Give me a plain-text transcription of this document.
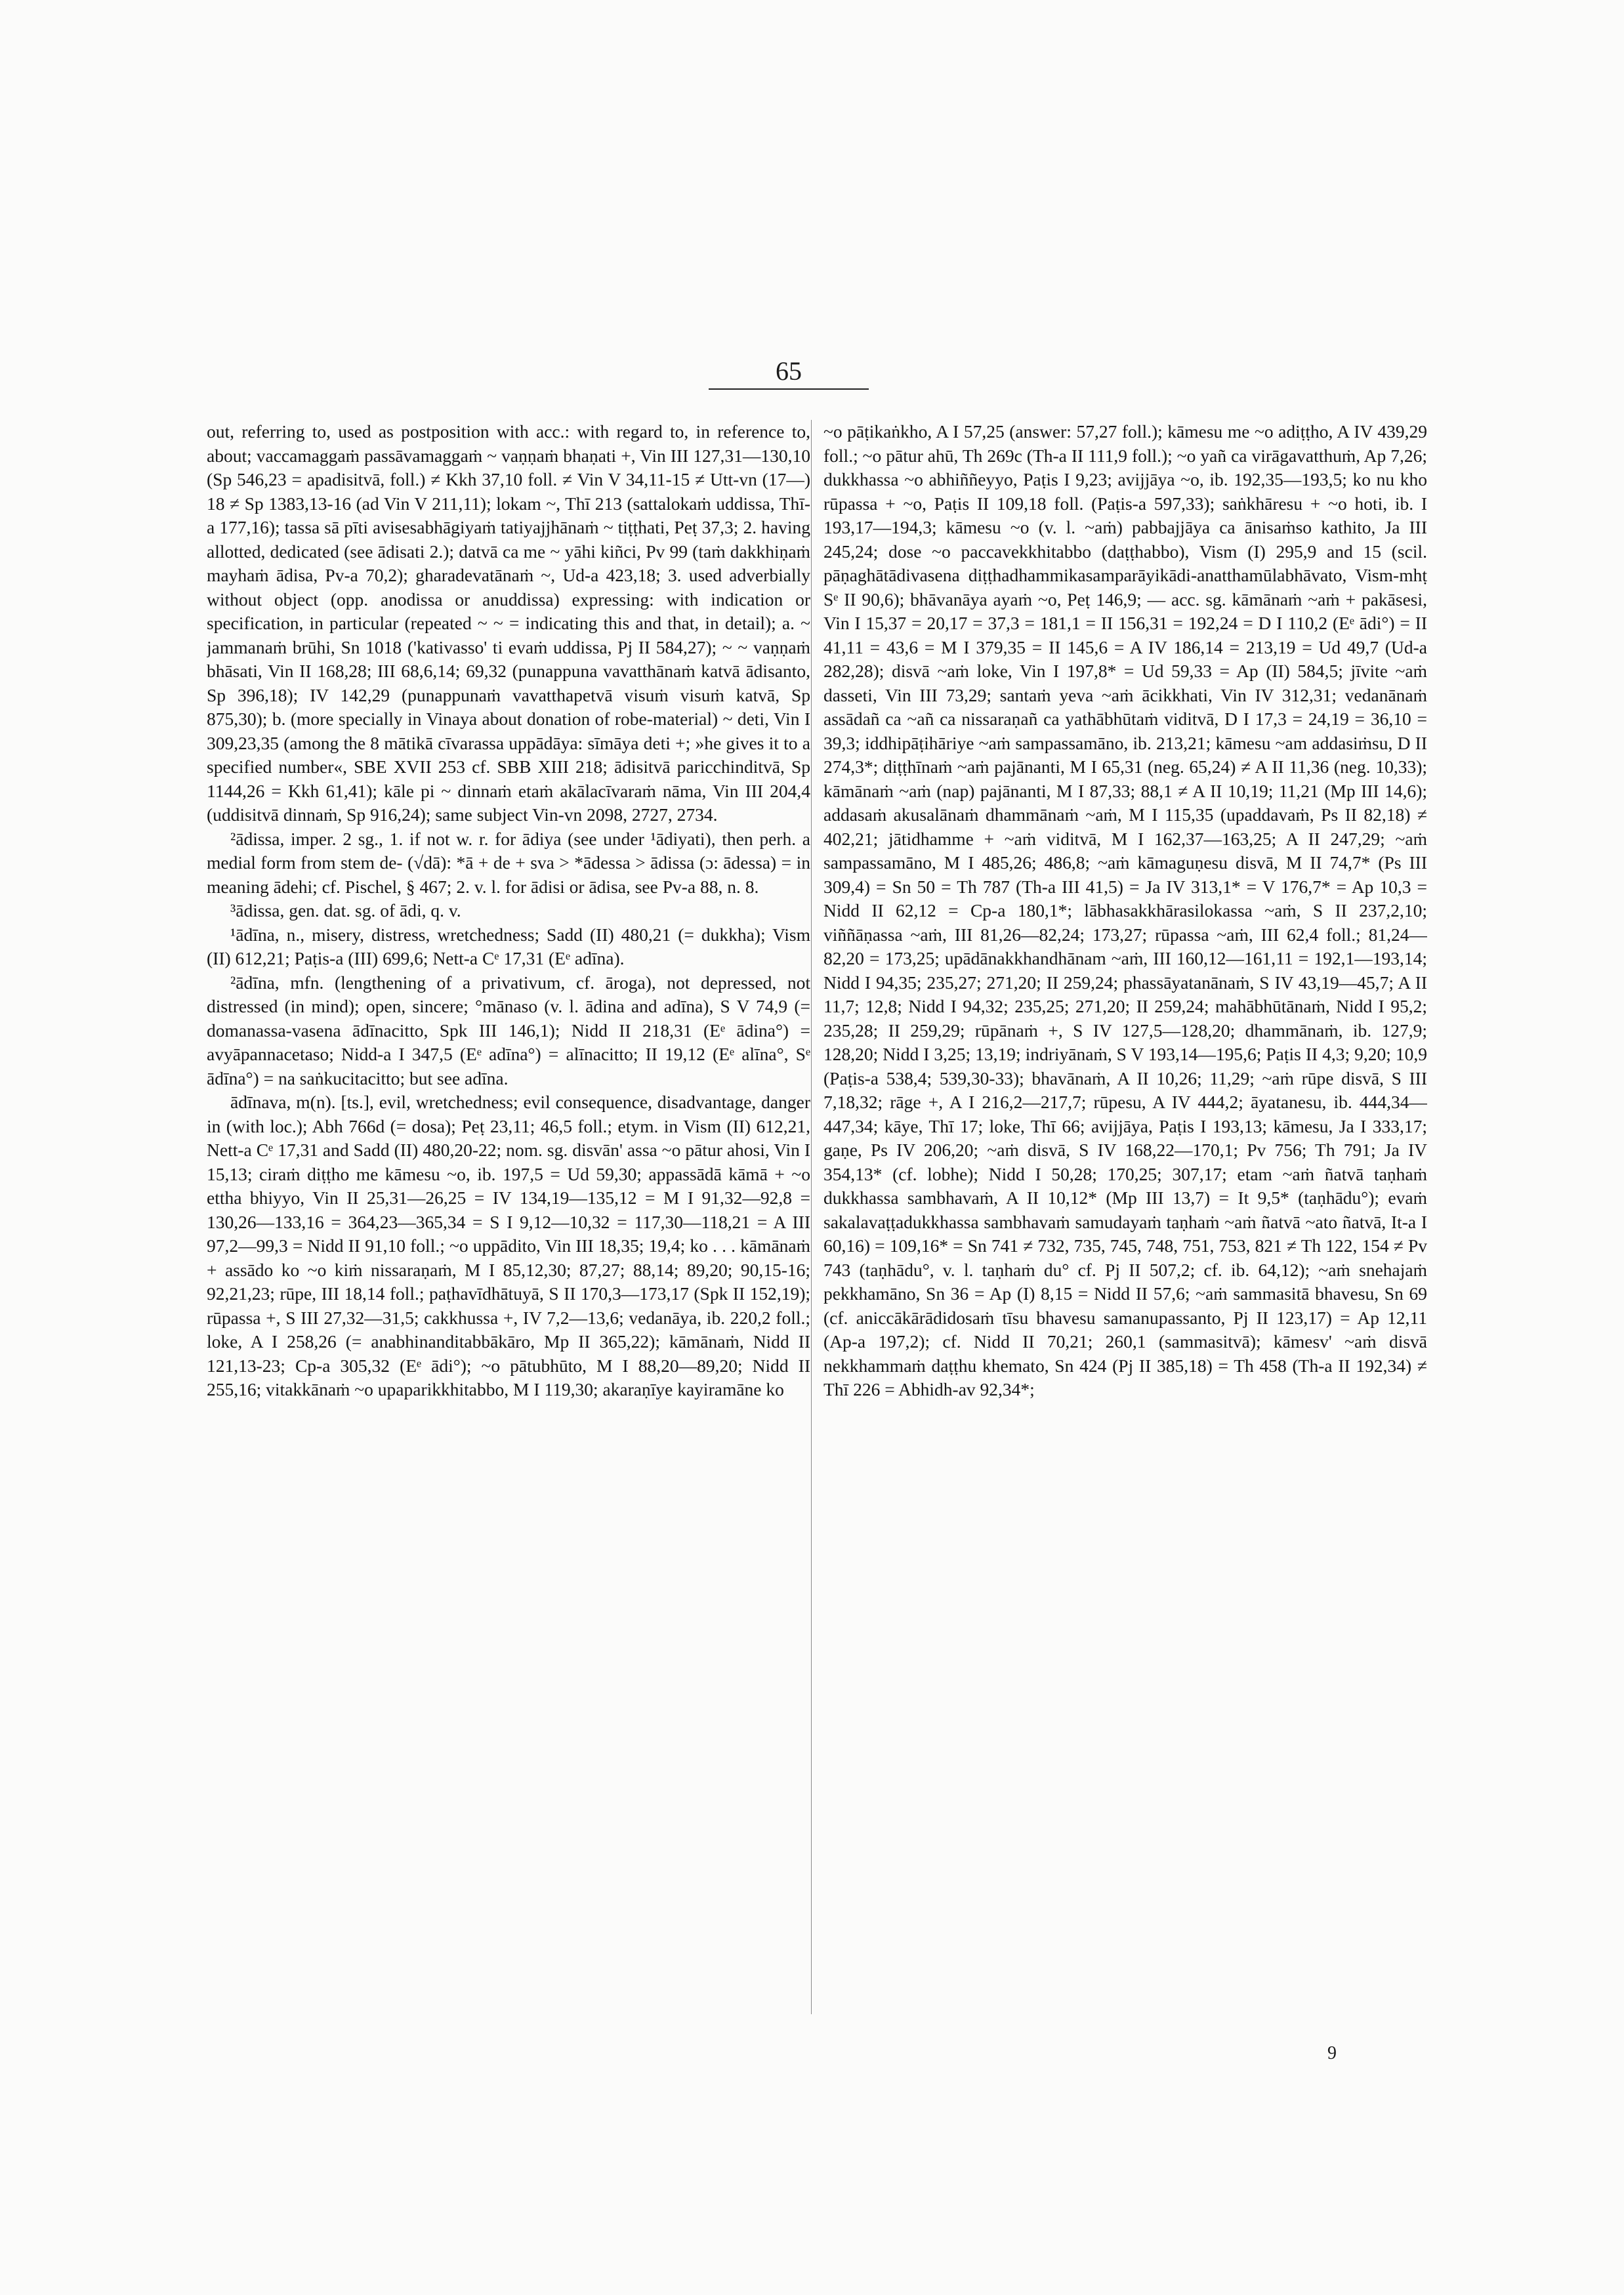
65

out, referring to, used as postposition with acc.: with regard to, in reference to, about; vaccamaggaṁ passāvamaggaṁ ~ vaṇṇaṁ bhaṇati +, Vin III 127,31—130,10 (Sp 546,23 = apadisitvā, foll.) ≠ Kkh 37,10 foll. ≠ Vin V 34,11-15 ≠ Utt-vn (17—) 18 ≠ Sp 1383,13-16 (ad Vin V 211,11); lokam ~, Thī 213 (sattalokaṁ uddissa, Thī-a 177,16); tassa sā pīti avisesabhāgiyaṁ tatiyajjhānaṁ ~ tiṭṭhati, Peṭ 37,3; 2. having allotted, dedicated (see ādisati 2.); datvā ca me ~ yāhi kiñci, Pv 99 (taṁ dakkhiṇaṁ mayhaṁ ādisa, Pv-a 70,2); gharadevatānaṁ ~, Ud-a 423,18; 3. used adverbially without object (opp. anodissa or anuddissa) expressing: with indication or specification, in particular (repeated ~ ~ = indicating this and that, in detail); a. ~ jammanaṁ brūhi, Sn 1018 ('kativasso' ti evaṁ uddissa, Pj II 584,27); ~ ~ vaṇṇaṁ bhāsati, Vin II 168,28; III 68,6,14; 69,32 (punappuna vavatthānaṁ katvā ādisanto, Sp 396,18); IV 142,29 (punappunaṁ vavatthapetvā visuṁ visuṁ katvā, Sp 875,30); b. (more specially in Vinaya about donation of robe-material) ~ deti, Vin I 309,23,35 (among the 8 mātikā cīvarassa uppādāya: sīmāya deti +; »he gives it to a specified number«, SBE XVII 253 cf. SBB XIII 218; ādisitvā paricchinditvā, Sp 1144,26 = Kkh 61,41); kāle pi ~ dinnaṁ etaṁ akālacīvaraṁ nāma, Vin III 204,4 (uddisitvā dinnaṁ, Sp 916,24); same subject Vin-vn 2098, 2727, 2734.

²ādissa, imper. 2 sg., 1. if not w. r. for ādiya (see under ¹ādiyati), then perh. a medial form from stem de- (√dā): *ā + de + sva > *ādessa > ādissa (ɔ: ādessa) = in meaning ādehi; cf. Pischel, § 467; 2. v. l. for ādisi or ādisa, see Pv-a 88, n. 8.

³ādissa, gen. dat. sg. of ādi, q. v.

¹ādīna, n., misery, distress, wretchedness; Sadd (II) 480,21 (= dukkha); Vism (II) 612,21; Paṭis-a (III) 699,6; Nett-a Cᵉ 17,31 (Eᵉ adīna).

²ādīna, mfn. (lengthening of a privativum, cf. āroga), not depressed, not distressed (in mind); open, sincere; °mānaso (v. l. ādina and adīna), S V 74,9 (= domanassa-vasena ādīnacitto, Spk III 146,1); Nidd II 218,31 (Eᵉ ādina°) = avyāpannacetaso; Nidd-a I 347,5 (Eᵉ adīna°) = alīnacitto; II 19,12 (Eᵉ alīna°, Sᵉ ādīna°) = na saṅkucitacitto; but see adīna.

ādīnava, m(n). [ts.], evil, wretchedness; evil consequence, disadvantage, danger in (with loc.); Abh 766d (= dosa); Peṭ 23,11; 46,5 foll.; etym. in Vism (II) 612,21, Nett-a Cᵉ 17,31 and Sadd (II) 480,20-22; nom. sg. disvān' assa ~o pātur ahosi, Vin I 15,13; ciraṁ diṭṭho me kāmesu ~o, ib. 197,5 = Ud 59,30; appassādā kāmā + ~o ettha bhiyyo, Vin II 25,31—26,25 = IV 134,19—135,12 = M I 91,32—92,8 = 130,26—133,16 = 364,23—365,34 = S I 9,12—10,32 = 117,30—118,21 = A III 97,2—99,3 = Nidd II 91,10 foll.; ~o uppādito, Vin III 18,35; 19,4; ko . . . kāmānaṁ + assādo ko ~o kiṁ nissaraṇaṁ, M I 85,12,30; 87,27; 88,14; 89,20; 90,15-16; 92,21,23; rūpe, III 18,14 foll.; paṭhavīdhātuyā, S II 170,3—173,17 (Spk II 152,19); rūpassa +, S III 27,32—31,5; cakkhussa +, IV 7,2—13,6; vedanāya, ib. 220,2 foll.; loke, A I 258,26 (= anabhinanditabbākāro, Mp II 365,22); kāmānaṁ, Nidd II 121,13-23; Cp-a 305,32 (Eᵉ ādi°); ~o pātubhūto, M I 88,20—89,20; Nidd II 255,16; vitakkānaṁ ~o upaparikkhitabbo, M I 119,30; akaraṇīye kayiramāne ko

~o pāṭikaṅkho, A I 57,25 (answer: 57,27 foll.); kāmesu me ~o adiṭṭho, A IV 439,29 foll.; ~o pātur ahū, Th 269c (Th-a II 111,9 foll.); ~o yañ ca virāgavatthuṁ, Ap 7,26; dukkhassa ~o abhiññeyyo, Paṭis I 9,23; avijjāya ~o, ib. 192,35—193,5; ko nu kho rūpassa + ~o, Paṭis II 109,18 foll. (Paṭis-a 597,33); saṅkhāresu + ~o hoti, ib. I 193,17—194,3; kāmesu ~o (v. l. ~aṁ) pabbajjāya ca ānisaṁso kathito, Ja III 245,24; dose ~o paccavekkhitabbo (daṭṭhabbo), Vism (I) 295,9 and 15 (scil. pāṇaghātādivasena diṭṭhadhammikasamparāyikādi-anatthamūlabhāvato, Vism-mhṭ Sᵉ II 90,6); bhāvanāya ayaṁ ~o, Peṭ 146,9; — acc. sg. kāmānaṁ ~aṁ + pakāsesi, Vin I 15,37 = 20,17 = 37,3 = 181,1 = II 156,31 = 192,24 = D I 110,2 (Eᵉ ādi°) = II 41,11 = 43,6 = M I 379,35 = II 145,6 = A IV 186,14 = 213,19 = Ud 49,7 (Ud-a 282,28); disvā ~aṁ loke, Vin I 197,8* = Ud 59,33 = Ap (II) 584,5; jīvite ~aṁ dasseti, Vin III 73,29; santaṁ yeva ~aṁ ācikkhati, Vin IV 312,31; vedanānaṁ assādañ ca ~añ ca nissaraṇañ ca yathābhūtaṁ viditvā, D I 17,3 = 24,19 = 36,10 = 39,3; iddhipāṭihāriye ~aṁ sampassamāno, ib. 213,21; kāmesu ~am addasiṁsu, D II 274,3*; diṭṭhīnaṁ ~aṁ pajānanti, M I 65,31 (neg. 65,24) ≠ A II 11,36 (neg. 10,33); kāmānaṁ ~aṁ (nap) pajānanti, M I 87,33; 88,1 ≠ A II 10,19; 11,21 (Mp III 14,6); addasaṁ akusalānaṁ dhammānaṁ ~aṁ, M I 115,35 (upaddavaṁ, Ps II 82,18) ≠ 402,21; jātidhamme + ~aṁ viditvā, M I 162,37—163,25; A II 247,29; ~aṁ sampassamāno, M I 485,26; 486,8; ~aṁ kāmaguṇesu disvā, M II 74,7* (Ps III 309,4) = Sn 50 = Th 787 (Th-a III 41,5) = Ja IV 313,1* = V 176,7* = Ap 10,3 = Nidd II 62,12 = Cp-a 180,1*; lābhasakkhārasilokassa ~aṁ, S II 237,2,10; viññāṇassa ~aṁ, III 81,26—82,24; 173,27; rūpassa ~aṁ, III 62,4 foll.; 81,24—82,20 = 173,25; upādānakkhandhānam ~aṁ, III 160,12—161,11 = 192,1—193,14; Nidd I 94,35; 235,27; 271,20; II 259,24; phassāyatanānaṁ, S IV 43,19—45,7; A II 11,7; 12,8; Nidd I 94,32; 235,25; 271,20; II 259,24; mahābhūtānaṁ, Nidd I 95,2; 235,28; II 259,29; rūpānaṁ +, S IV 127,5—128,20; dhammānaṁ, ib. 127,9; 128,20; Nidd I 3,25; 13,19; indriyānaṁ, S V 193,14—195,6; Paṭis II 4,3; 9,20; 10,9 (Paṭis-a 538,4; 539,30-33); bhavānaṁ, A II 10,26; 11,29; ~aṁ rūpe disvā, S III 7,18,32; rāge +, A I 216,2—217,7; rūpesu, A IV 444,2; āyatanesu, ib. 444,34—447,34; kāye, Thī 17; loke, Thī 66; avijjāya, Paṭis I 193,13; kāmesu, Ja I 333,17; gaṇe, Ps IV 206,20; ~aṁ disvā, S IV 168,22—170,1; Pv 756; Th 791; Ja IV 354,13* (cf. lobhe); Nidd I 50,28; 170,25; 307,17; etam ~aṁ ñatvā taṇhaṁ dukkhassa sambhavaṁ, A II 10,12* (Mp III 13,7) = It 9,5* (taṇhādu°); evaṁ sakalavaṭṭadukkhassa sambhavaṁ samudayaṁ taṇhaṁ ~aṁ ñatvā ~ato ñatvā, It-a I 60,16) = 109,16* = Sn 741 ≠ 732, 735, 745, 748, 751, 753, 821 ≠ Th 122, 154 ≠ Pv 743 (taṇhādu°, v. l. taṇhaṁ du° cf. Pj II 507,2; cf. ib. 64,12); ~aṁ snehajaṁ pekkhamāno, Sn 36 = Ap (I) 8,15 = Nidd II 57,6; ~aṁ sammasitā bhavesu, Sn 69 (cf. aniccākārādidosaṁ tīsu bhavesu samanupassanto, Pj II 123,17) = Ap 12,11 (Ap-a 197,2); cf. Nidd II 70,21; 260,1 (sammasitvā); kāmesv' ~aṁ disvā nekkhammaṁ daṭṭhu khemato, Sn 424 (Pj II 385,18) = Th 458 (Th-a II 192,34) ≠ Thī 226 = Abhidh-av 92,34*;

9
